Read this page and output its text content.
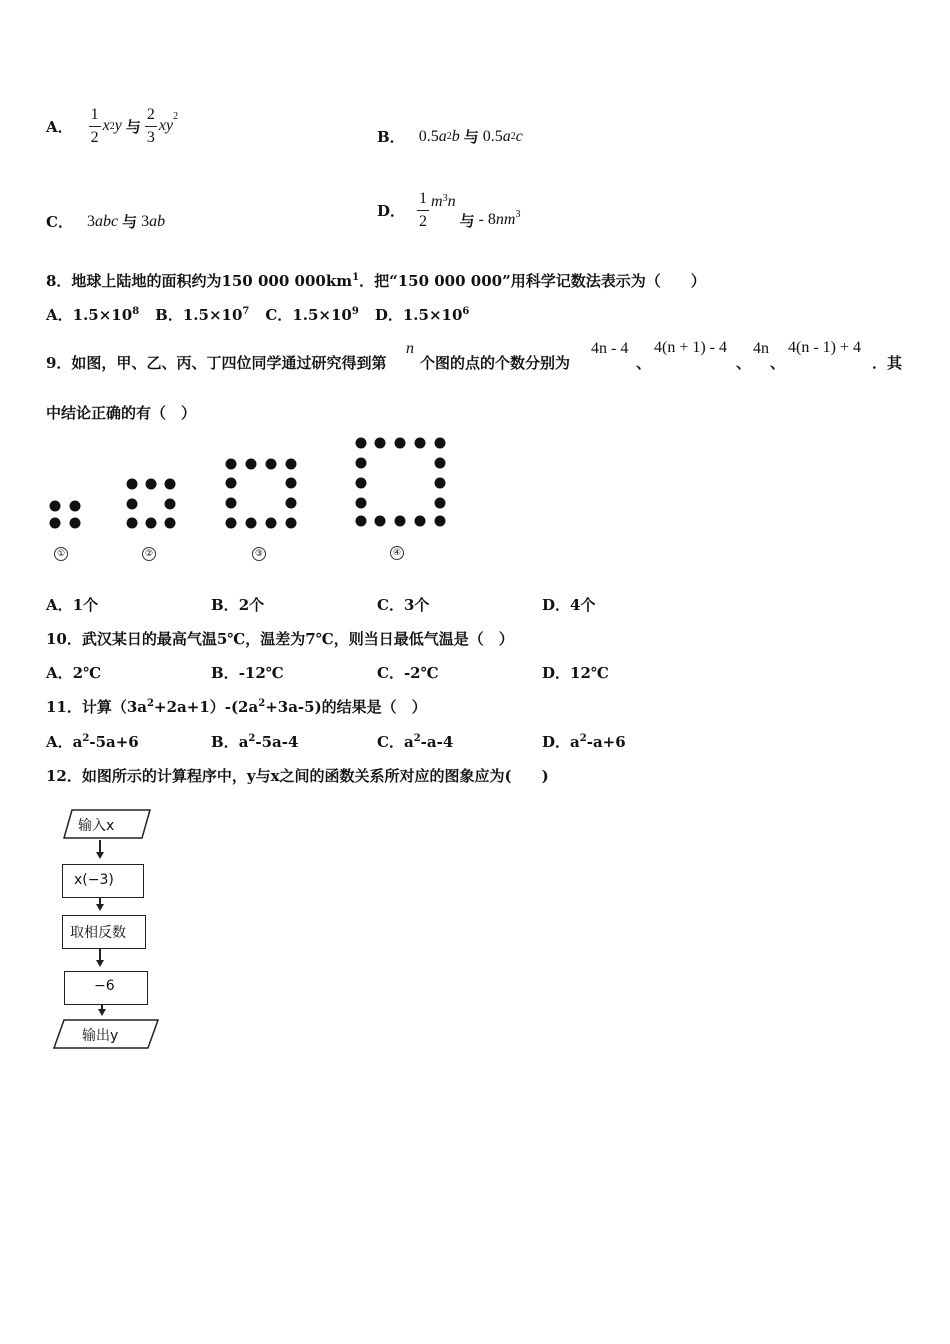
A． $\frac{1}{2}$ x 2 y 与 $\frac{2}{3}$ xy
2
B． 0.5 a 2 b 与 0.5 a 2 c
C． 3 abc 与 3 ab
D． $\frac{1}{2}$ m 3 n
与 - 8 nm 3
8．地球上陆地的面积约为150 000 $000km^1$．把“150 000 000”用科学记数法表示为（　　）
A．$1.5\times 10^8$ B．$1.5\times 10^7$ C．$1.5\times 10^9$ D．$1.5\times 10^6$
9．如图，甲、乙、丙、丁四位同学通过研究得到第
n
个图的点的个数分别为
4n - 4
、
4(n + 1) - 4
、
4n
、
4(n - 1) + 4
．其
中结论正确的有（　）
①	②	③	④
A．1个	B．2个	C．3个	D．4个
10．武汉某日的最高气温5℃，温差为7℃，则当日最低气温是（　）
A．2℃	B．-12℃	C．-2℃	D．12℃
11．计算$(3a^2+2a+1)-(2a^2+3a-5)$的结果是（　）
A．$a^2-5a+6$	B．$a^2-5a-4$	C．$a^2-a-4$	D．$a^2-a+6$
12．如图所示的计算程序中，y与x之间的函数关系所对应的图象应为(　　)
输入x
x(−3)
取相反数
−6
输出y
